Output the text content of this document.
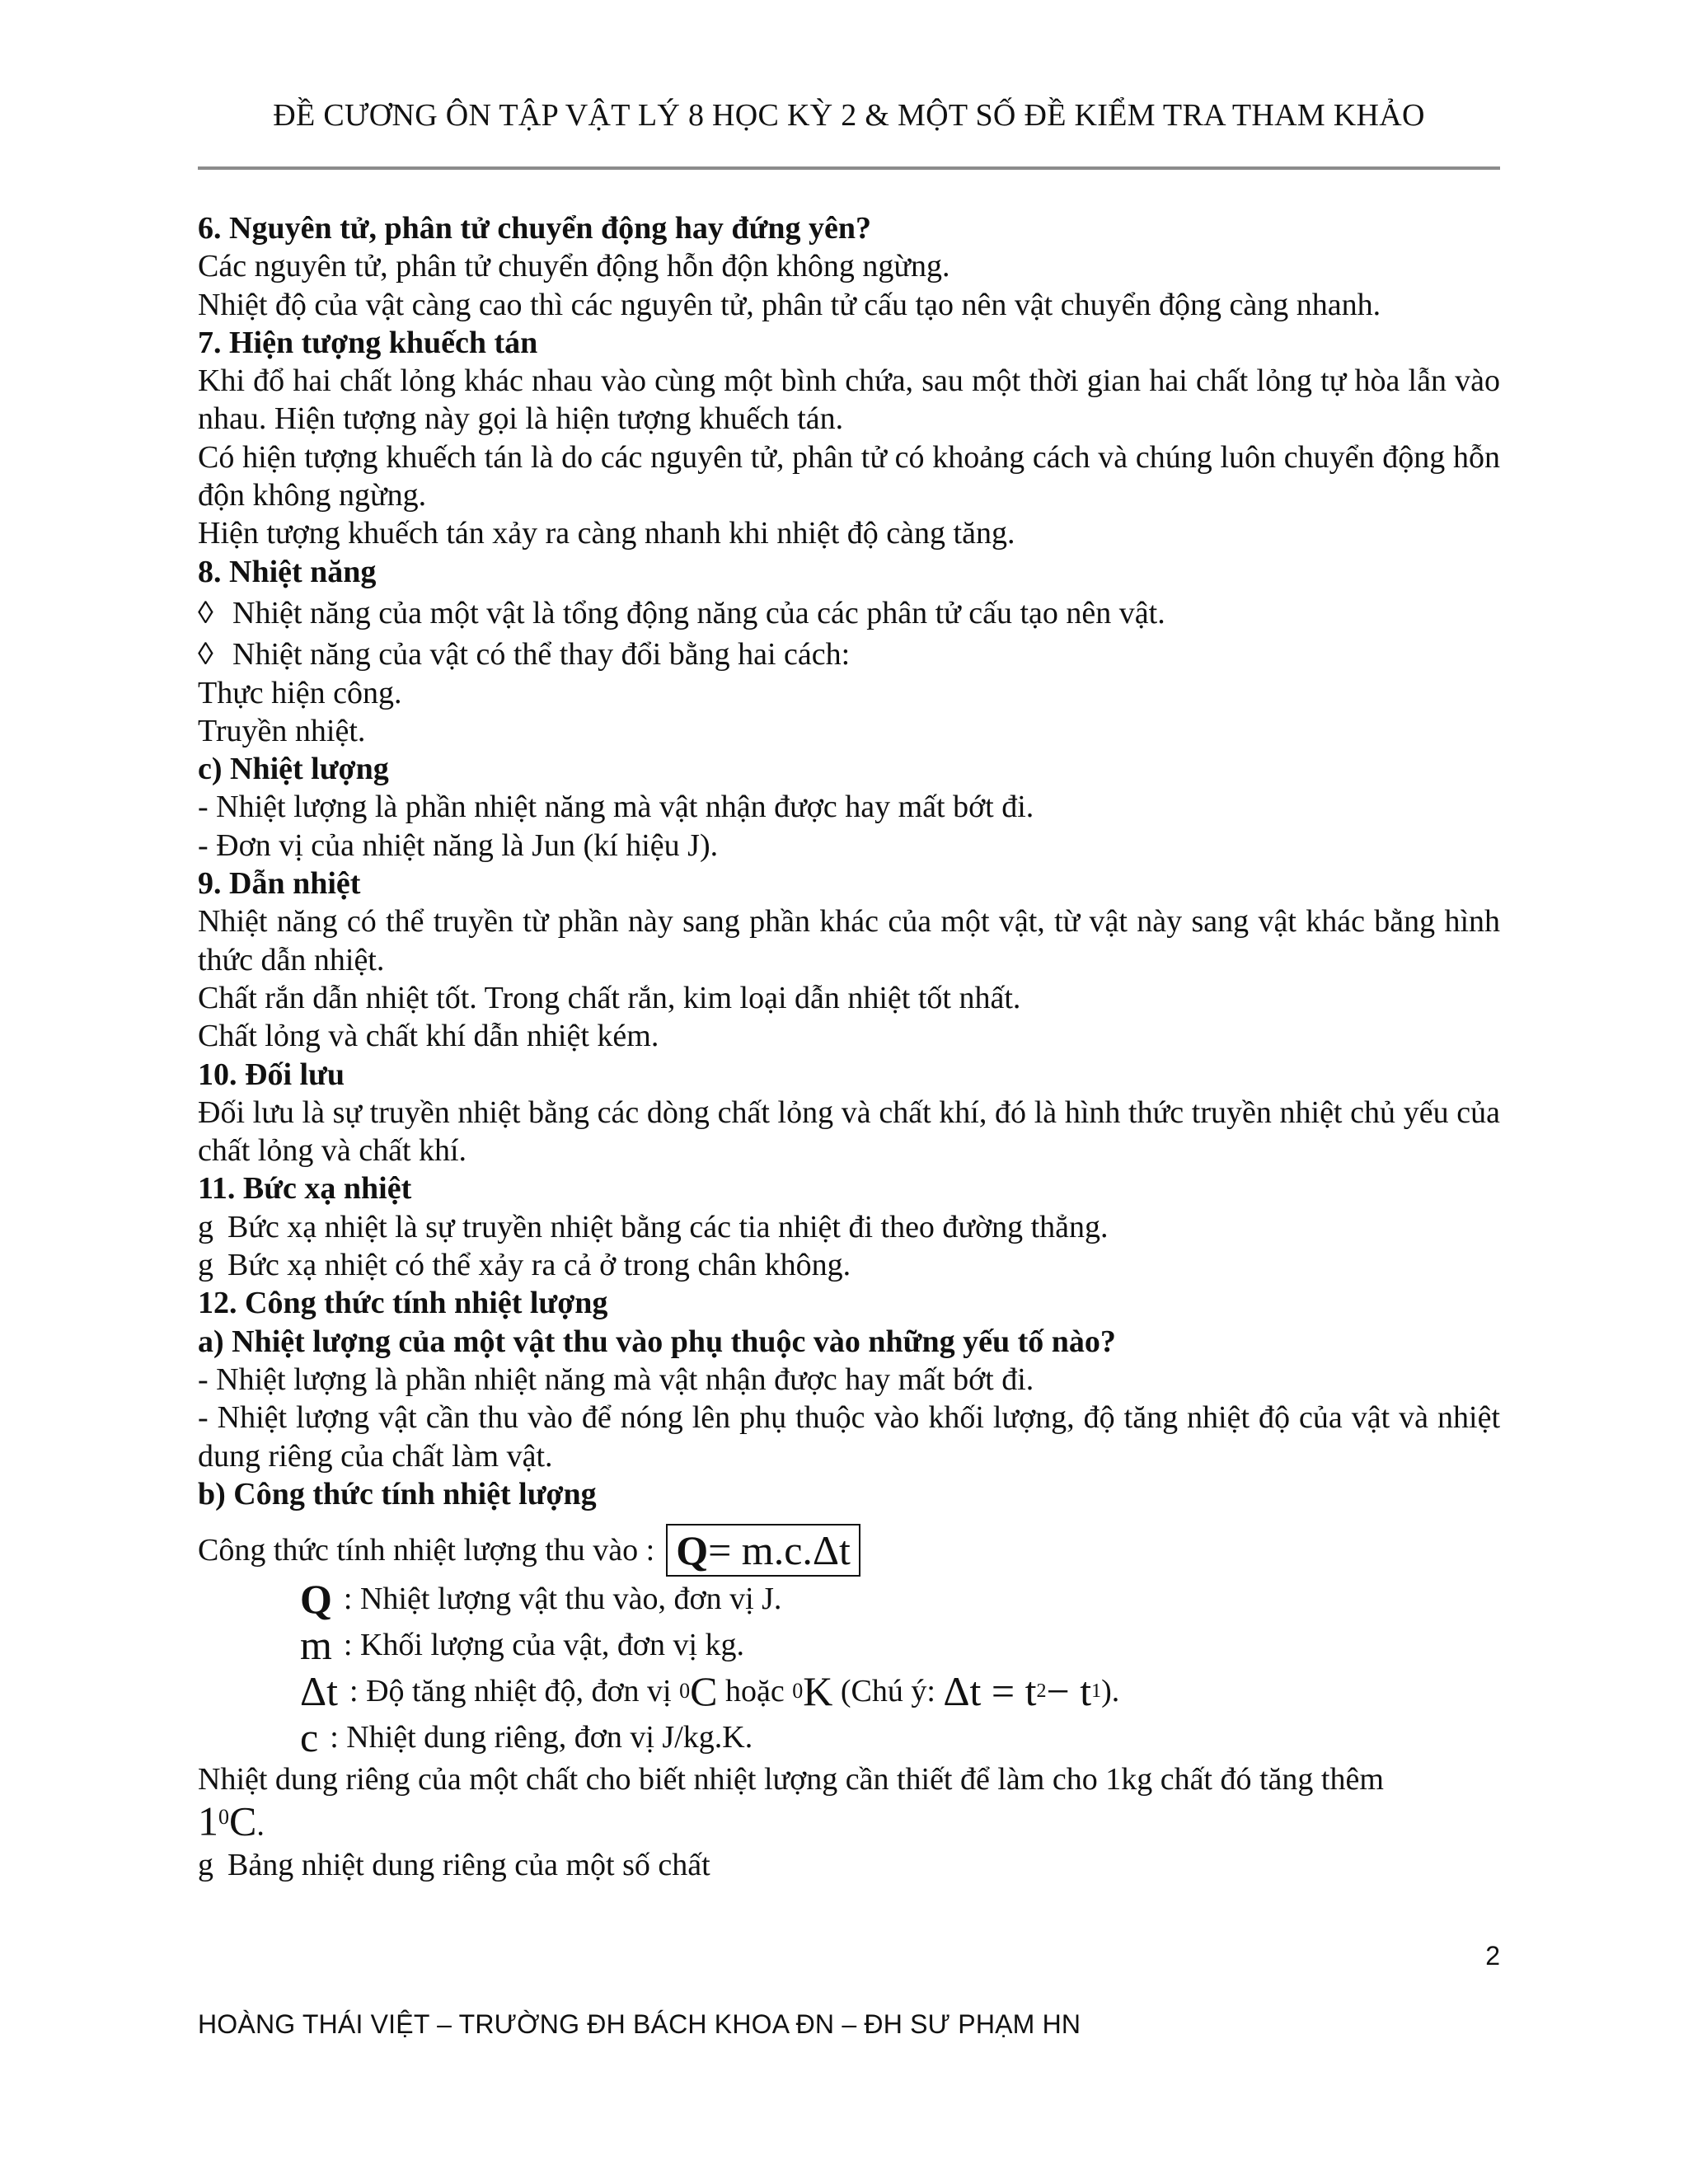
ĐỀ CƯƠNG ÔN TẬP VẬT LÝ 8 HỌC KỲ 2 & MỘT SỐ ĐỀ KIỂM TRA THAM KHẢO

6. Nguyên tử, phân tử chuyển động hay đứng yên?

Các nguyên tử, phân tử chuyển động hỗn độn không ngừng.

Nhiệt độ của vật càng cao thì các nguyên tử, phân tử cấu tạo nên vật chuyển động càng nhanh.

7. Hiện tượng khuếch tán

Khi đổ hai chất lỏng khác nhau vào cùng một bình chứa, sau một thời gian hai chất lỏng tự hòa lẫn vào nhau. Hiện tượng này gọi là hiện tượng khuếch tán.

Có hiện tượng khuếch tán là do các nguyên tử, phân tử có khoảng cách và chúng luôn chuyển động hỗn độn không ngừng.

Hiện tượng khuếch tán xảy ra càng nhanh khi nhiệt độ càng tăng.

8. Nhiệt năng

◊ Nhiệt năng của một vật là tổng động năng của các phân tử cấu tạo nên vật.

◊ Nhiệt năng của vật có thể thay đổi bằng hai cách:

Thực hiện công.

Truyền nhiệt.

c) Nhiệt lượng

- Nhiệt lượng là phần nhiệt năng mà vật nhận được hay mất bớt đi.

- Đơn vị của nhiệt năng là Jun (kí hiệu J).

9. Dẫn nhiệt

Nhiệt năng có thể truyền từ phần này sang phần khác của một vật, từ vật này sang vật khác bằng hình thức dẫn nhiệt.

Chất rắn dẫn nhiệt tốt. Trong chất rắn, kim loại dẫn nhiệt tốt nhất.

Chất lỏng và chất khí dẫn nhiệt kém.

10. Đối lưu

Đối lưu là sự truyền nhiệt bằng các dòng chất lỏng và chất khí, đó là hình thức truyền nhiệt chủ yếu của chất lỏng và chất khí.

11. Bức xạ nhiệt

g Bức xạ nhiệt là sự truyền nhiệt bằng các tia nhiệt đi theo đường thẳng.

g Bức xạ nhiệt có thể xảy ra cả ở trong chân không.

12. Công thức tính nhiệt lượng

a) Nhiệt lượng của một vật thu vào phụ thuộc vào những yếu tố nào?

- Nhiệt lượng là phần nhiệt năng mà vật nhận được hay mất bớt đi.

- Nhiệt lượng vật cần thu vào để nóng lên phụ thuộc vào khối lượng, độ tăng nhiệt độ của vật và nhiệt dung riêng của chất làm vật.

b) Công thức tính nhiệt lượng

Công thức tính nhiệt lượng thu vào : Q= m.c.Δt

Q : Nhiệt lượng vật thu vào, đơn vị J.

m : Khối lượng của vật, đơn vị kg.

Δt : Độ tăng nhiệt độ, đơn vị
0 C
hoặc
0 K
(Chú ý:
Δt = t 2 − t 1 ).

c : Nhiệt dung riêng, đơn vị J/kg.K.

Nhiệt dung riêng của một chất cho biết nhiệt lượng cần thiết để làm cho 1kg chất đó tăng thêm

$1^0C$.

g Bảng nhiệt dung riêng của một số chất

2
HOÀNG THÁI VIỆT – TRƯỜNG ĐH BÁCH KHOA ĐN – ĐH SƯ PHẠM HN
